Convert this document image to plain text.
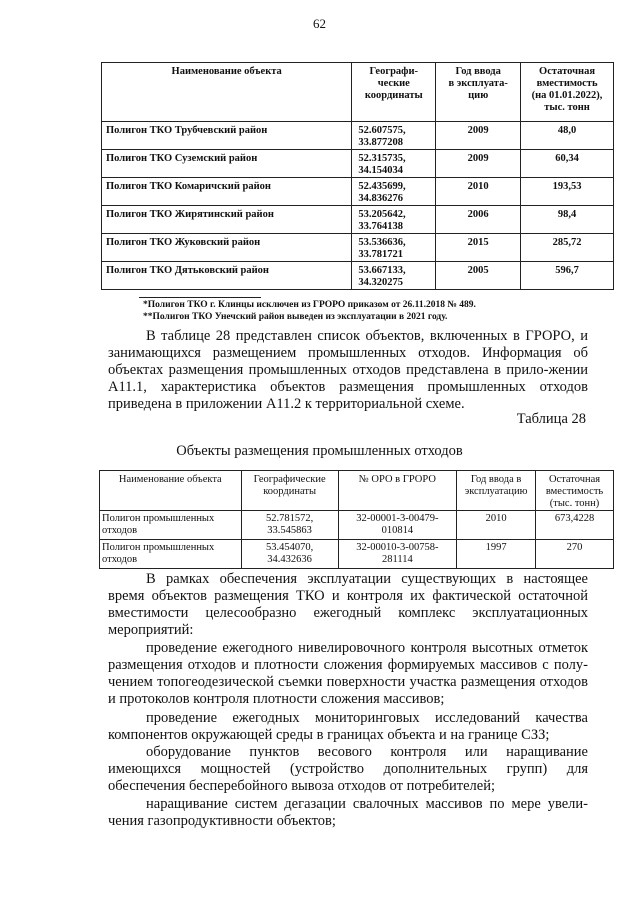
62
Наименование объекта	Географи-
ческие
координаты	Год ввода
в эксплуата-
цию	Остаточная
вместимость
(на 01.01.2022),
тыс. тонн
Полигон ТКО Трубчевский район	52.607575,
33.877208	2009	48,0
Полигон ТКО Суземский район	52.315735,
34.154034	2009	60,34
Полигон ТКО Комаричский район	52.435699,
34.836276	2010	193,53
Полигон ТКО Жирятинский район	53.205642,
33.764138	2006	98,4
Полигон ТКО Жуковский район	53.536636,
33.781721	2015	285,72
Полигон ТКО Дятьковский район	53.667133,
34.320275	2005	596,7
*Полигон ТКО г. Клинцы исключен из ГРОРО приказом от 26.11.2018 № 489.
**Полигон ТКО Унечский район выведен из эксплуатации в 2021 году.
В таблице 28 представлен список объектов, включенных в ГРОРО, и занимающихся размещением промышленных отходов. Информация об объектах размещения промышленных отходов представлена в прило-жении А11.1, характеристика объектов размещения промышленных отходов приведена в приложении А11.2 к территориальной схеме.
Таблица 28
Объекты размещения промышленных отходов
Наименование объекта	Географические
координаты	№ ОРО в ГРОРО	Год ввода в
эксплуатацию	Остаточная
вместимость
(тыс. тонн)
Полигон промышленных
отходов	52.781572,
33.545863	32-00001-3-00479-
010814	2010	673,4228
Полигон промышленных
отходов	53.454070,
34.432636	32-00010-3-00758-
281114	1997	270
В рамках обеспечения эксплуатации существующих в настоящее время объектов размещения ТКО и контроля их фактической остаточной вместимости целесообразно ежегодный комплекс эксплуатационных мероприятий:
проведение ежегодного нивелировочного контроля высотных отметок размещения отходов и плотности сложения формируемых массивов с полу-чением топогеодезической съемки поверхности участка размещения отходов и протоколов контроля плотности сложения массивов;
проведение ежегодных мониторинговых исследований качества компонентов окружающей среды в границах объекта и на границе СЗЗ;
оборудование пунктов весового контроля или наращивание имеющихся мощностей (устройство дополнительных групп) для обеспечения бесперебойного вывоза отходов от потребителей;
наращивание систем дегазации свалочных массивов по мере увели-чения газопродуктивности объектов;
